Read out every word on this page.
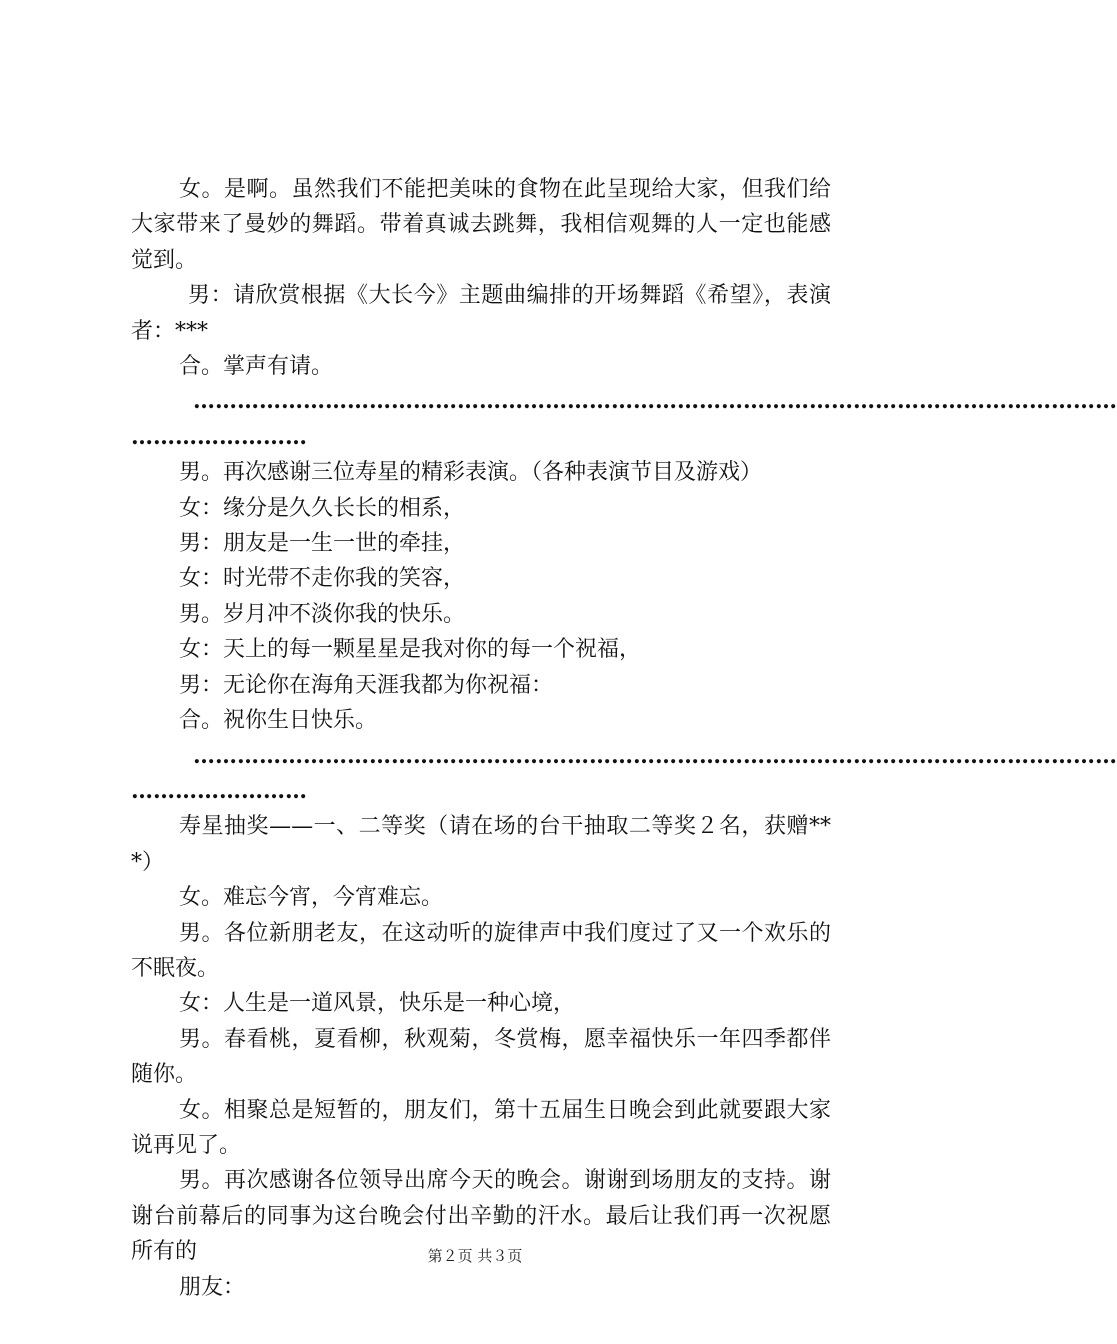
女。是啊。虽然我们不能把美味的食物在此呈现给大家，但我们给大家带来了曼妙的舞蹈。带着真诚去跳舞，我相信观舞的人一定也能感觉到。

男：请欣赏根据《大长今》主题曲编排的开场舞蹈《希望》，表演者：***

合。掌声有请。

………………………………………………………………………………………………………………
……………………

男。再次感谢三位寿星的精彩表演。（各种表演节目及游戏）

女：缘分是久久长长的相系，

男：朋友是一生一世的牵挂，

女：时光带不走你我的笑容，

男。岁月冲不淡你我的快乐。

女：天上的每一颗星星是我对你的每一个祝福，

男：无论你在海角天涯我都为你祝福：

合。祝你生日快乐。

………………………………………………………………………………………………………………
……………………

寿星抽奖——一、二等奖（请在场的台干抽取二等奖２名，获赠***）

女。难忘今宵，今宵难忘。

男。各位新朋老友，在这动听的旋律声中我们度过了又一个欢乐的不眠夜。

女：人生是一道风景，快乐是一种心境，

男。春看桃，夏看柳，秋观菊，冬赏梅，愿幸福快乐一年四季都伴随你。

女。相聚总是短暂的，朋友们，第十五届生日晚会到此就要跟大家说再见了。

男。再次感谢各位领导出席今天的晚会。谢谢到场朋友的支持。谢谢台前幕后的同事为这台晚会付出辛勤的汗水。最后让我们再一次祝愿所有的

朋友：

第２页 共３页
